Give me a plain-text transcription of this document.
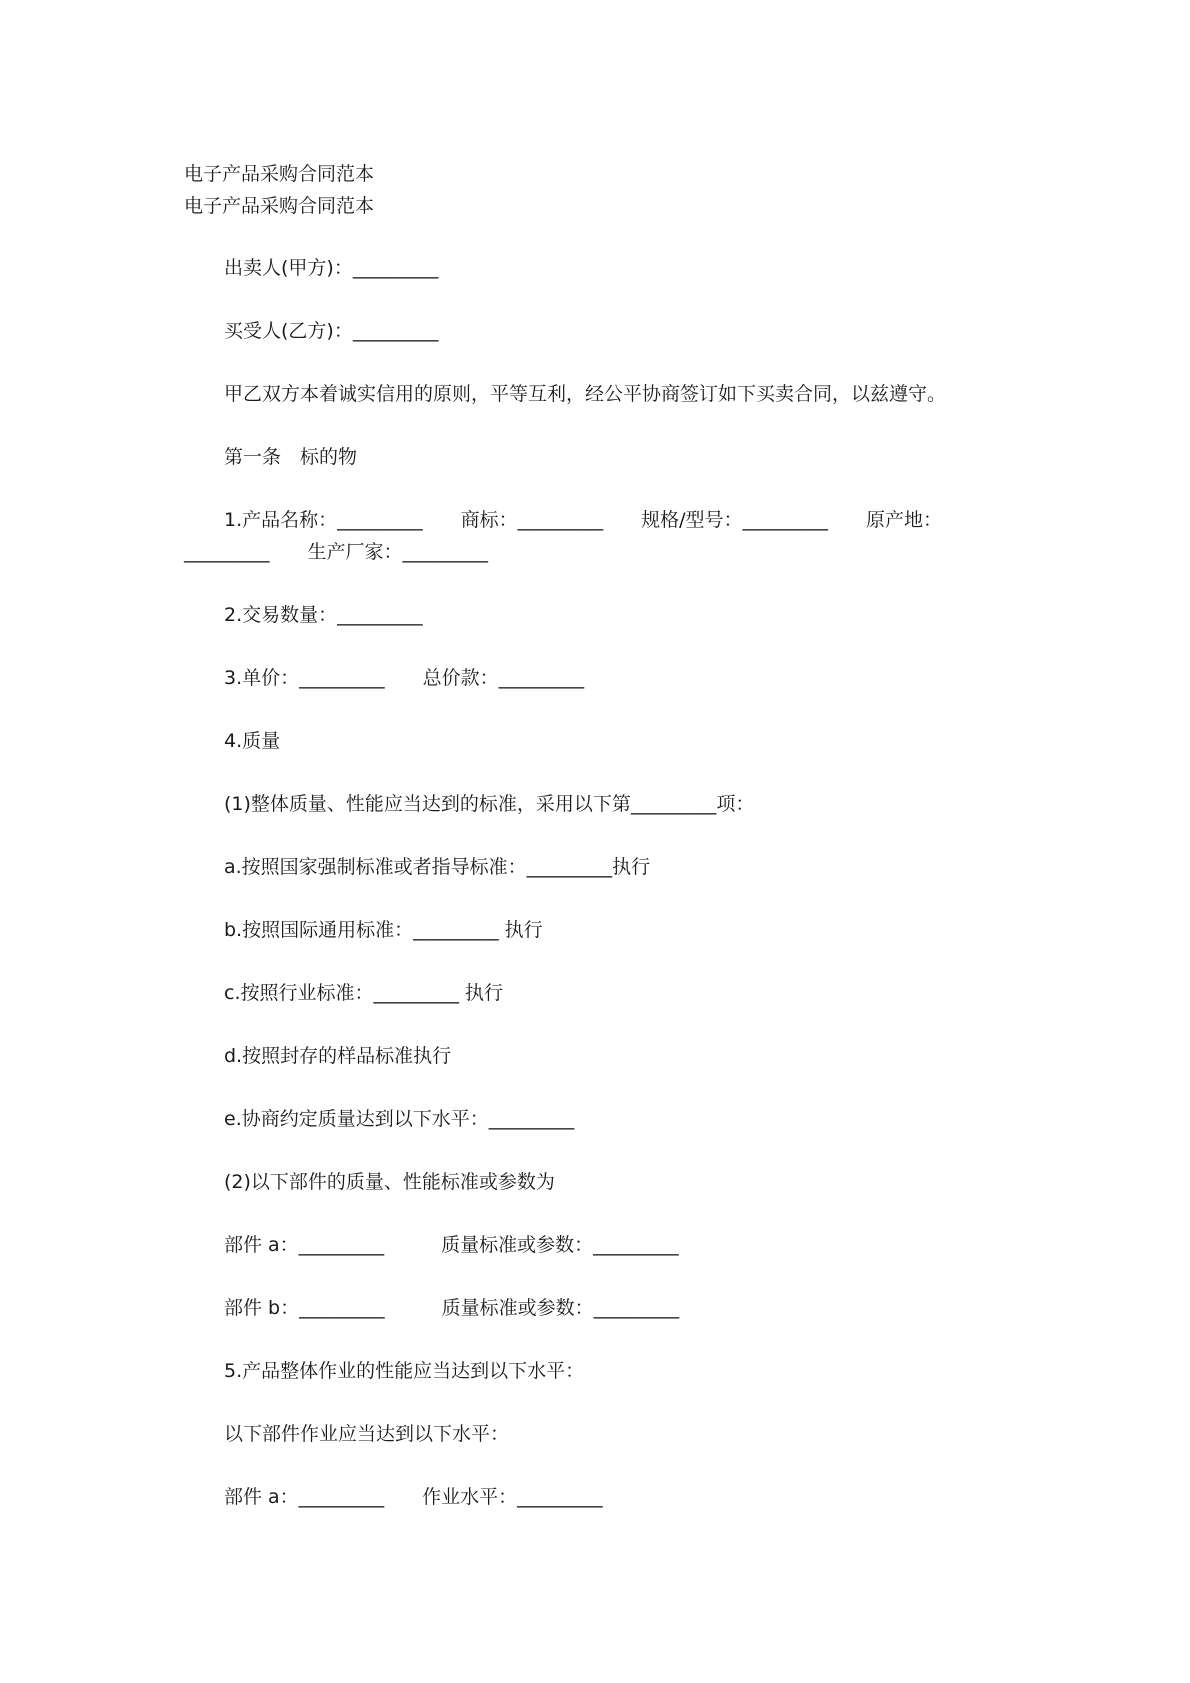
电子产品采购合同范本
电子产品采购合同范本
出卖人(甲方)：_________
买受人(乙方)：_________
甲乙双方本着诚实信用的原则，平等互利，经公平协商签订如下买卖合同，以兹遵守。
第一条　标的物
1.产品名称：_________　　商标：_________　　规格/型号：_________　　原产地：
_________　　生产厂家：_________
2.交易数量：_________
3.单价：_________　　总价款：_________
4.质量
(1)整体质量、性能应当达到的标准，采用以下第_________项：
a.按照国家强制标准或者指导标准：_________执行
b.按照国际通用标准：_________ 执行
c.按照行业标准：_________ 执行
d.按照封存的样品标准执行
e.协商约定质量达到以下水平：_________
(2)以下部件的质量、性能标准或参数为
部件 a：_________　　　质量标准或参数：_________
部件 b：_________　　　质量标准或参数：_________
5.产品整体作业的性能应当达到以下水平：
以下部件作业应当达到以下水平：
部件 a：_________　　作业水平：_________
